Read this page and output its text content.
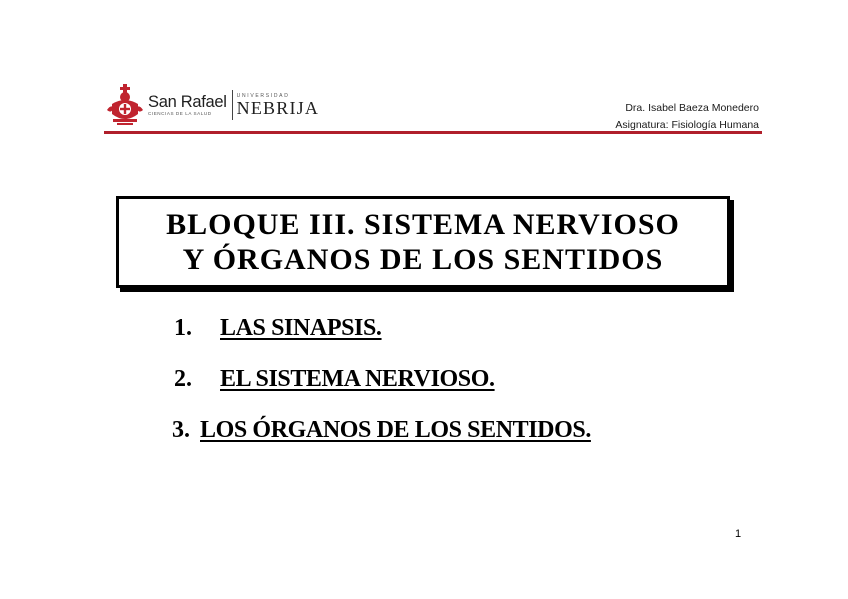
San Rafael
CIENCIAS DE LA SALUD
UNIVERSIDAD
NEBRIJA	Dra. Isabel Baeza Monedero
Asignatura: Fisiología Humana
BLOQUE III. SISTEMA NERVIOSO
Y ÓRGANOS DE LOS SENTIDOS
1. LAS SINAPSIS.
2. EL SISTEMA NERVIOSO.
3. LOS ÓRGANOS DE LOS SENTIDOS.
1
